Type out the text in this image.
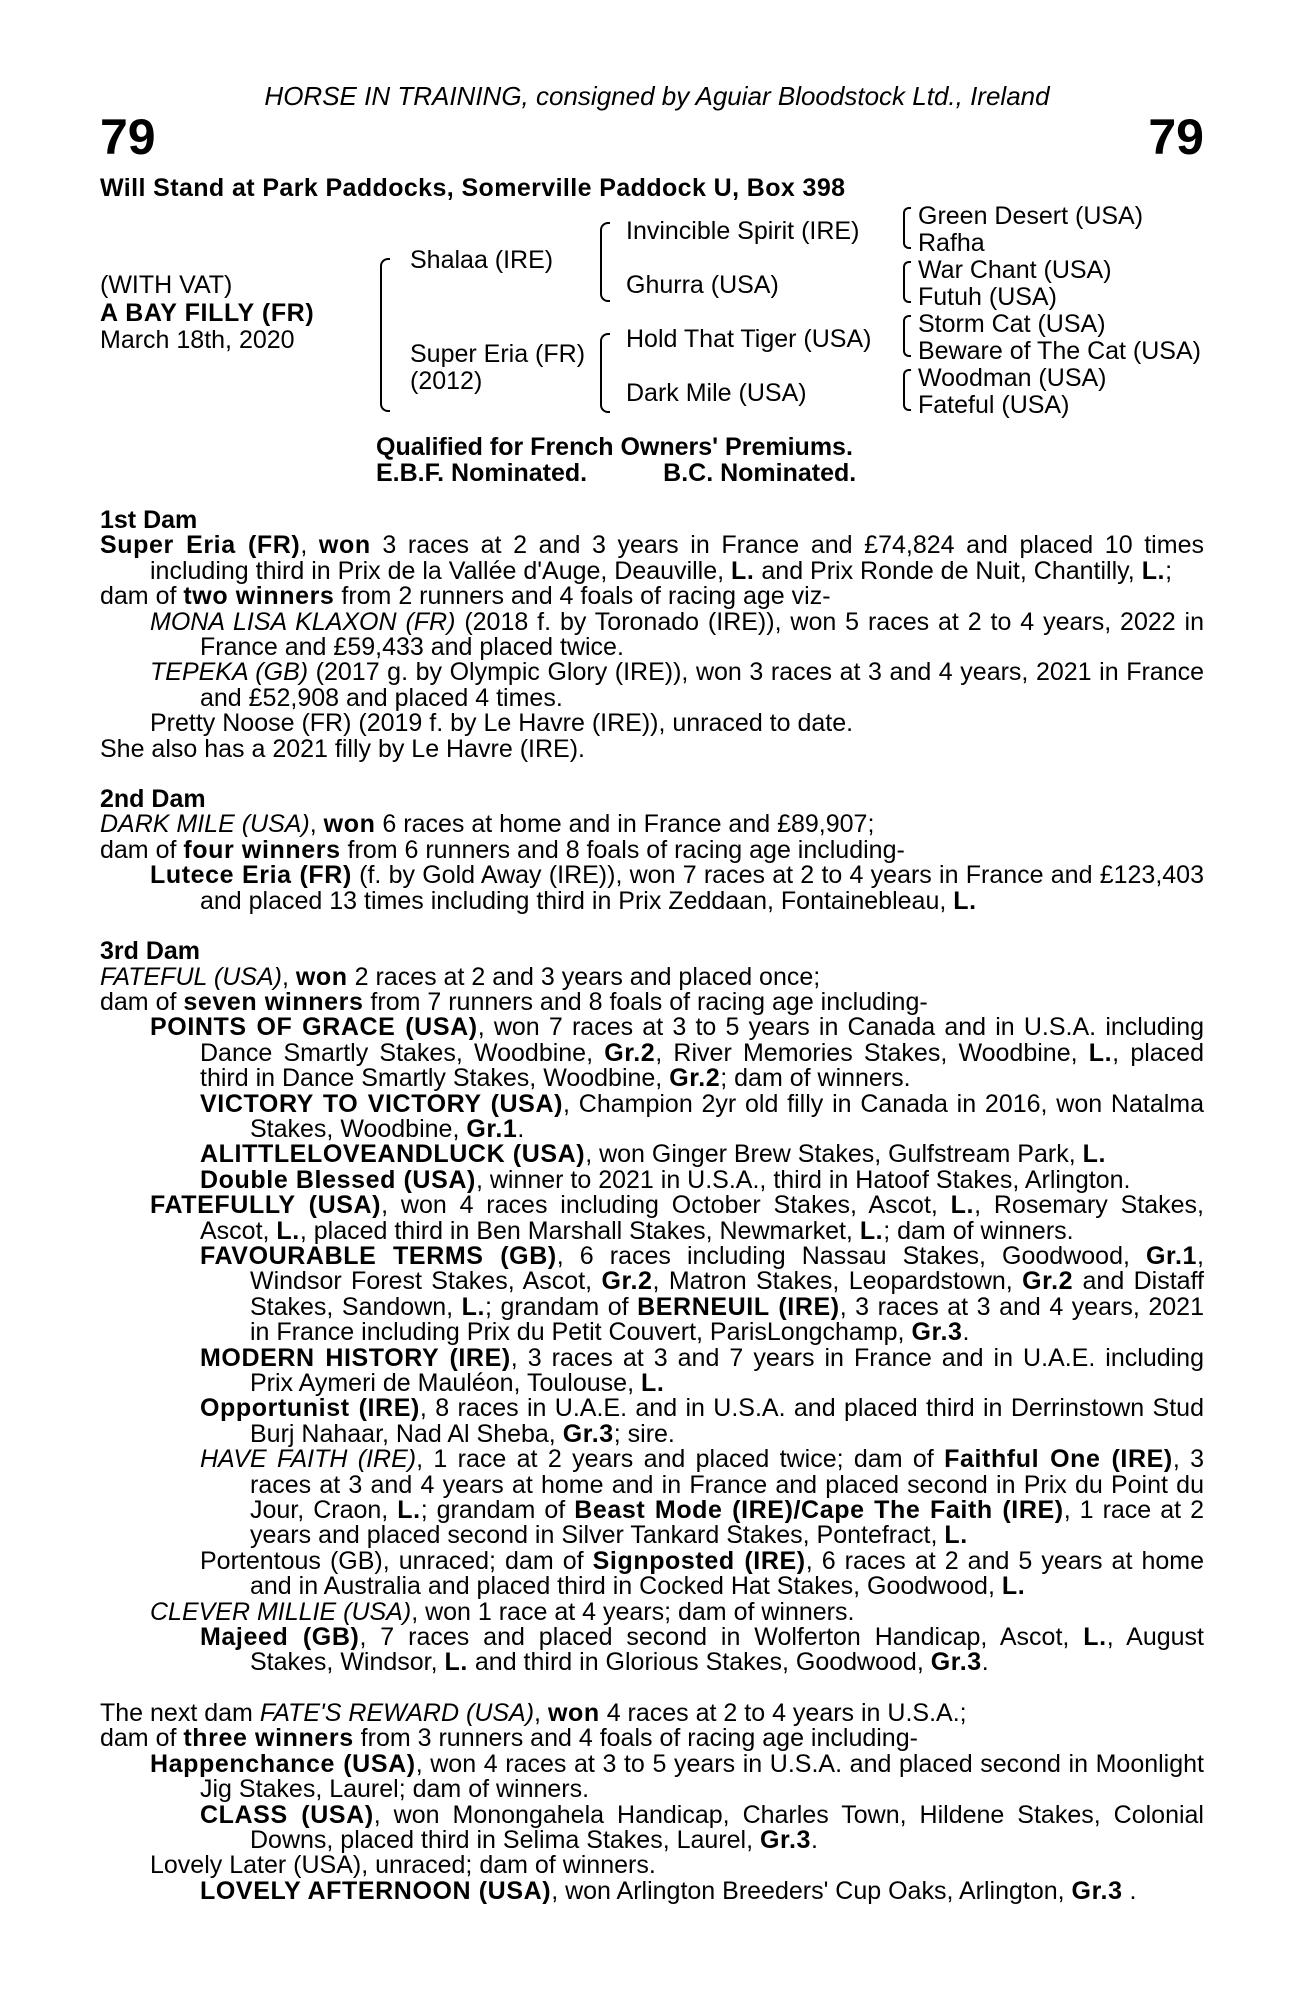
HORSE IN TRAINING, consigned by Aguiar Bloodstock Ltd., Ireland
79	79
Will Stand at Park Paddocks, Somerville Paddock U, Box 398
(WITH VAT)
A BAY FILLY (FR)
March 18th, 2020
Shalaa (IRE)
Super Eria (FR)
(2012)
Invincible Spirit (IRE)
Ghurra (USA)
Hold That Tiger (USA)
Dark Mile (USA)
Green Desert (USA)
Rafha
War Chant (USA)
Futuh (USA)
Storm Cat (USA)
Beware of The Cat (USA)
Woodman (USA)
Fateful (USA)
Qualified for French Owners' Premiums.
E.B.F. Nominated.	B.C. Nominated.
1st Dam
Super Eria (FR), won 3 races at 2 and 3 years in France and £74,824 and placed 10 times including third in Prix de la Vallée d'Auge, Deauville, L. and Prix Ronde de Nuit, Chantilly, L.;
dam of two winners from 2 runners and 4 foals of racing age viz-
MONA LISA KLAXON (FR) (2018 f. by Toronado (IRE)), won 5 races at 2 to 4 years, 2022 in France and £59,433 and placed twice.
TEPEKA (GB) (2017 g. by Olympic Glory (IRE)), won 3 races at 3 and 4 years, 2021 in France and £52,908 and placed 4 times.
Pretty Noose (FR) (2019 f. by Le Havre (IRE)), unraced to date.
She also has a 2021 filly by Le Havre (IRE).
2nd Dam
DARK MILE (USA), won 6 races at home and in France and £89,907;
dam of four winners from 6 runners and 8 foals of racing age including-
Lutece Eria (FR) (f. by Gold Away (IRE)), won 7 races at 2 to 4 years in France and £123,403 and placed 13 times including third in Prix Zeddaan, Fontainebleau, L.
3rd Dam
FATEFUL (USA), won 2 races at 2 and 3 years and placed once;
dam of seven winners from 7 runners and 8 foals of racing age including-
POINTS OF GRACE (USA), won 7 races at 3 to 5 years in Canada and in U.S.A. including Dance Smartly Stakes, Woodbine, Gr.2, River Memories Stakes, Woodbine, L., placed third in Dance Smartly Stakes, Woodbine, Gr.2; dam of winners.
VICTORY TO VICTORY (USA), Champion 2yr old filly in Canada in 2016, won Natalma Stakes, Woodbine, Gr.1.
ALITTLELOVEANDLUCK (USA), won Ginger Brew Stakes, Gulfstream Park, L.
Double Blessed (USA), winner to 2021 in U.S.A., third in Hatoof Stakes, Arlington.
FATEFULLY (USA), won 4 races including October Stakes, Ascot, L., Rosemary Stakes, Ascot, L., placed third in Ben Marshall Stakes, Newmarket, L.; dam of winners.
FAVOURABLE TERMS (GB), 6 races including Nassau Stakes, Goodwood, Gr.1, Windsor Forest Stakes, Ascot, Gr.2, Matron Stakes, Leopardstown, Gr.2 and Distaff Stakes, Sandown, L.; grandam of BERNEUIL (IRE), 3 races at 3 and 4 years, 2021 in France including Prix du Petit Couvert, ParisLongchamp, Gr.3.
MODERN HISTORY (IRE), 3 races at 3 and 7 years in France and in U.A.E. including Prix Aymeri de Mauléon, Toulouse, L.
Opportunist (IRE), 8 races in U.A.E. and in U.S.A. and placed third in Derrinstown Stud Burj Nahaar, Nad Al Sheba, Gr.3; sire.
HAVE FAITH (IRE), 1 race at 2 years and placed twice; dam of Faithful One (IRE), 3 races at 3 and 4 years at home and in France and placed second in Prix du Point du Jour, Craon, L.; grandam of Beast Mode (IRE)/Cape The Faith (IRE), 1 race at 2 years and placed second in Silver Tankard Stakes, Pontefract, L.
Portentous (GB), unraced; dam of Signposted (IRE), 6 races at 2 and 5 years at home and in Australia and placed third in Cocked Hat Stakes, Goodwood, L.
CLEVER MILLIE (USA), won 1 race at 4 years; dam of winners.
Majeed (GB), 7 races and placed second in Wolferton Handicap, Ascot, L., August Stakes, Windsor, L. and third in Glorious Stakes, Goodwood, Gr.3.
The next dam FATE'S REWARD (USA), won 4 races at 2 to 4 years in U.S.A.;
dam of three winners from 3 runners and 4 foals of racing age including-
Happenchance (USA), won 4 races at 3 to 5 years in U.S.A. and placed second in Moonlight Jig Stakes, Laurel; dam of winners.
CLASS (USA), won Monongahela Handicap, Charles Town, Hildene Stakes, Colonial Downs, placed third in Selima Stakes, Laurel, Gr.3.
Lovely Later (USA), unraced; dam of winners.
LOVELY AFTERNOON (USA), won Arlington Breeders' Cup Oaks, Arlington, Gr.3 .
